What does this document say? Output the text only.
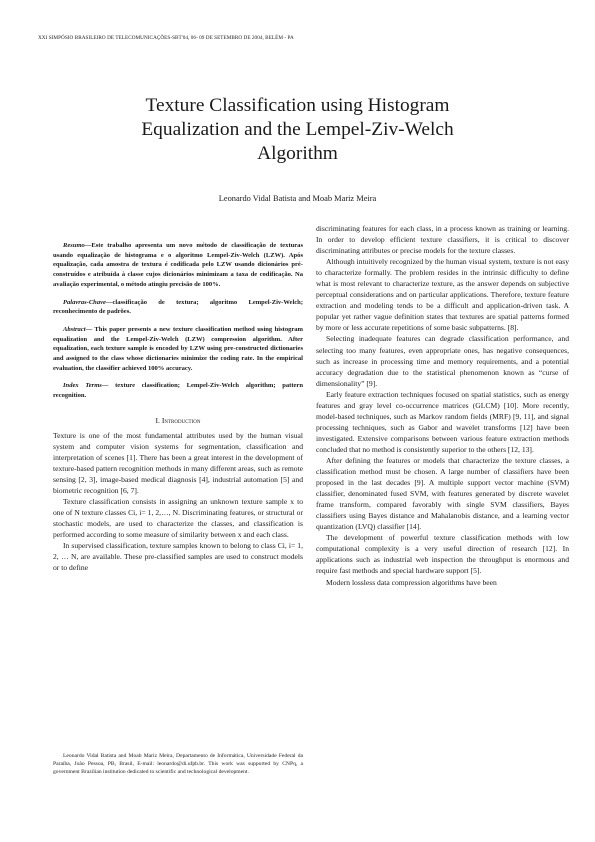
XXI SIMPÓSIO BRASILEIRO DE TELECOMUNICAÇÕES-SBT'04, 06- 09 DE SETEMBRO DE 2004, BELÉM - PA
Texture Classification using Histogram
Equalization and the Lempel-Ziv-Welch
Algorithm
Leonardo Vidal Batista and Moab Mariz Meira

Resumo—Este trabalho apresenta um novo método de classificação de texturas usando equalização de histograma e o algoritmo Lempel-Ziv-Welch (LZW). Após equalização, cada amostra de textura é codificada pelo LZW usando dicionários pré-construídos e atribuída à classe cujos dicionários minimizam a taxa de codificação. Na avaliação experimental, o método atingiu precisão de 100%.

Palavras-Chave—classificação de textura; algoritmo Lempel-Ziv-Welch; reconhecimento de padrões.

Abstract— This paper presents a new texture classification method using histogram equalization and the Lempel-Ziv-Welch (LZW) compression algorithm. After equalization, each texture sample is encoded by LZW using pre-constructed dictionaries and assigned to the class whose dictionaries minimize the coding rate. In the empirical evaluation, the classifier achieved 100% accuracy.

Index Terms— texture classification; Lempel-Ziv-Welch algorithm; pattern recognition.

I. Introduction

Texture is one of the most fundamental attributes used by the human visual system and computer vision systems for segmentation, classification and interpretation of scenes [1]. There has been a great interest in the development of texture-based pattern recognition methods in many different areas, such as remote sensing [2, 3], image-based medical diagnosis [4], industrial automation [5] and biometric recognition [6, 7].

Texture classification consists in assigning an unknown texture sample x to one of N texture classes Ci, i= 1, 2,…, N. Discriminating features, or structural or stochastic models, are used to characterize the classes, and classification is performed according to some measure of similarity between x and each class.

In supervised classification, texture samples known to belong to class Ci, i= 1, 2, … N, are available. These pre-classified samples are used to construct models or to define

Leonardo Vidal Batista and Moab Mariz Meira, Departamento de Informática, Universidade Federal da Paraíba, João Pessoa, PB, Brasil, E-mail: leonardo@di.ufpb.br. This work was supported by CNPq, a government Brazilian institution dedicated to scientific and technological development.

discriminating features for each class, in a process known as training or learning. In order to develop efficient texture classifiers, it is critical to discover discriminating attributes or precise models for the texture classes.

Although intuitively recognized by the human visual system, texture is not easy to characterize formally. The problem resides in the intrinsic difficulty to define what is most relevant to characterize texture, as the answer depends on subjective perceptual considerations and on particular applications. Therefore, texture feature extraction and modeling tends to be a difficult and application-driven task. A popular yet rather vague definition states that textures are spatial patterns formed by more or less accurate repetitions of some basic subpatterns. [8].

Selecting inadequate features can degrade classification performance, and selecting too many features, even appropriate ones, has negative consequences, such as increase in processing time and memory requirements, and a potential accuracy degradation due to the statistical phenomenon known as “curse of dimensionality” [9].

Early feature extraction techniques focused on spatial statistics, such as energy features and gray level co-occurrence matrices (GLCM) [10]. More recently, model-based techniques, such as Markov random fields (MRF) [9, 11], and signal processing techniques, such as Gabor and wavelet transforms [12] have been investigated. Extensive comparisons between various feature extraction methods concluded that no method is consistently superior to the others [12, 13].

After defining the features or models that characterize the texture classes, a classification method must be chosen. A large number of classifiers have been proposed in the last decades [9]. A multiple support vector machine (SVM) classifier, denominated fused SVM, with features generated by discrete wavelet frame transform, compared favorably with single SVM classifiers, Bayes classifiers using Bayes distance and Mahalanobis distance, and a learning vector quantization (LVQ) classifier [14].

The development of powerful texture classification methods with low computational complexity is a very useful direction of research [12]. In applications such as industrial web inspection the throughput is enormous and require fast methods and special hardware support [5].

Modern lossless data compression algorithms have been
